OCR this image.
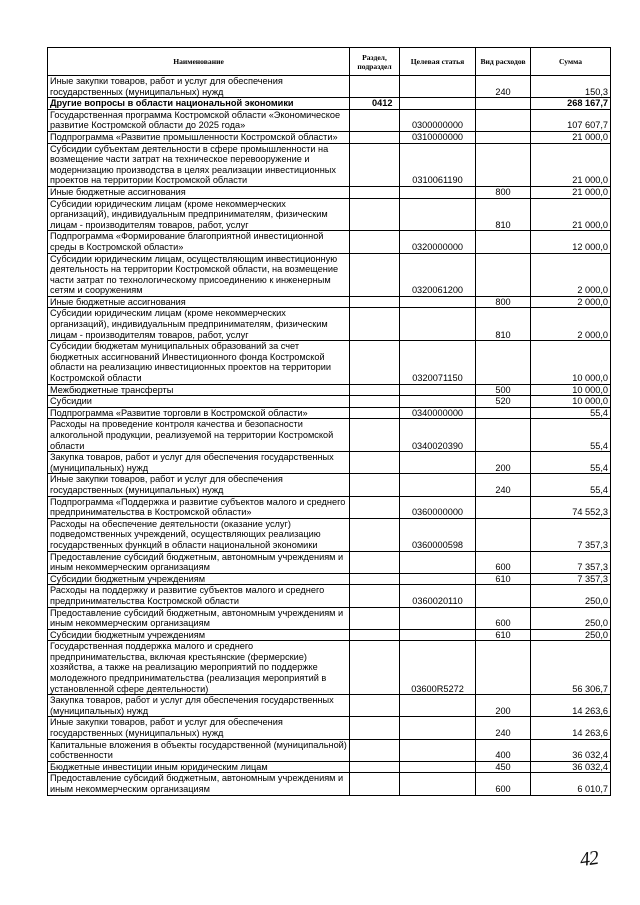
Наименование	Раздел, подраздел	Целевая статья	Вид расходов	Сумма
Иные закупки товаров, работ и услуг для обеспечения государственных (муниципальных) нужд			240	150,3
Другие вопросы в области национальной экономики	0412			268 167,7
Государственная программа Костромской области «Экономическое развитие Костромской области до 2025 года»		0300000000		107 607,7
Подпрограмма «Развитие промышленности Костромской области»		0310000000		21 000,0
Субсидии субъектам деятельности в сфере промышленности на возмещение части затрат на техническое перевооружение и модернизацию производства в целях реализации инвестиционных проектов на территории Костромской области		0310061190		21 000,0
Иные бюджетные ассигнования			800	21 000,0
Субсидии юридическим лицам (кроме некоммерческих организаций), индивидуальным предпринимателям, физическим лицам - производителям товаров, работ, услуг			810	21 000,0
Подпрограмма «Формирование благоприятной инвестиционной среды в Костромской области»		0320000000		12 000,0
Субсидии юридическим лицам, осуществляющим инвестиционную деятельность на территории Костромской области, на возмещение части затрат по технологическому присоединению к инженерным сетям и сооружениям		0320061200		2 000,0
Иные бюджетные ассигнования			800	2 000,0
Субсидии юридическим лицам (кроме некоммерческих организаций), индивидуальным предпринимателям, физическим лицам - производителям товаров, работ, услуг			810	2 000,0
Субсидии бюджетам муниципальных образований за счет бюджетных ассигнований Инвестиционного фонда Костромской области на реализацию инвестиционных проектов на территории Костромской области		0320071150		10 000,0
Межбюджетные трансферты			500	10 000,0
Субсидии			520	10 000,0
Подпрограмма «Развитие торговли в Костромской области»		0340000000		55,4
Расходы на проведение контроля качества и безопасности алкогольной продукции, реализуемой на территории Костромской области		0340020390		55,4
Закупка товаров, работ и услуг для обеспечения государственных (муниципальных) нужд			200	55,4
Иные закупки товаров, работ и услуг для обеспечения государственных (муниципальных) нужд			240	55,4
Подпрограмма «Поддержка и развитие субъектов малого и среднего предпринимательства в Костромской области»		0360000000		74 552,3
Расходы на обеспечение деятельности (оказание услуг) подведомственных учреждений, осуществляющих реализацию государственных функций в области национальной экономики		0360000598		7 357,3
Предоставление субсидий бюджетным, автономным учреждениям и иным некоммерческим организациям			600	7 357,3
Субсидии бюджетным учреждениям			610	7 357,3
Расходы на поддержку и развитие субъектов малого и среднего предпринимательства Костромской области		0360020110		250,0
Предоставление субсидий бюджетным, автономным учреждениям и иным некоммерческим организациям			600	250,0
Субсидии бюджетным учреждениям			610	250,0
Государственная поддержка малого и среднего предпринимательства, включая крестьянские (фермерские) хозяйства, а также на реализацию мероприятий по поддержке молодежного предпринимательства (реализация мероприятий в установленной сфере деятельности)		03600R5272		56 306,7
Закупка товаров, работ и услуг для обеспечения государственных (муниципальных) нужд			200	14 263,6
Иные закупки товаров, работ и услуг для обеспечения государственных (муниципальных) нужд			240	14 263,6
Капитальные вложения в объекты государственной (муниципальной) собственности			400	36 032,4
Бюджетные инвестиции иным юридическим лицам			450	36 032,4
Предоставление субсидий бюджетным, автономным учреждениям и иным некоммерческим организациям			600	6 010,7
42
